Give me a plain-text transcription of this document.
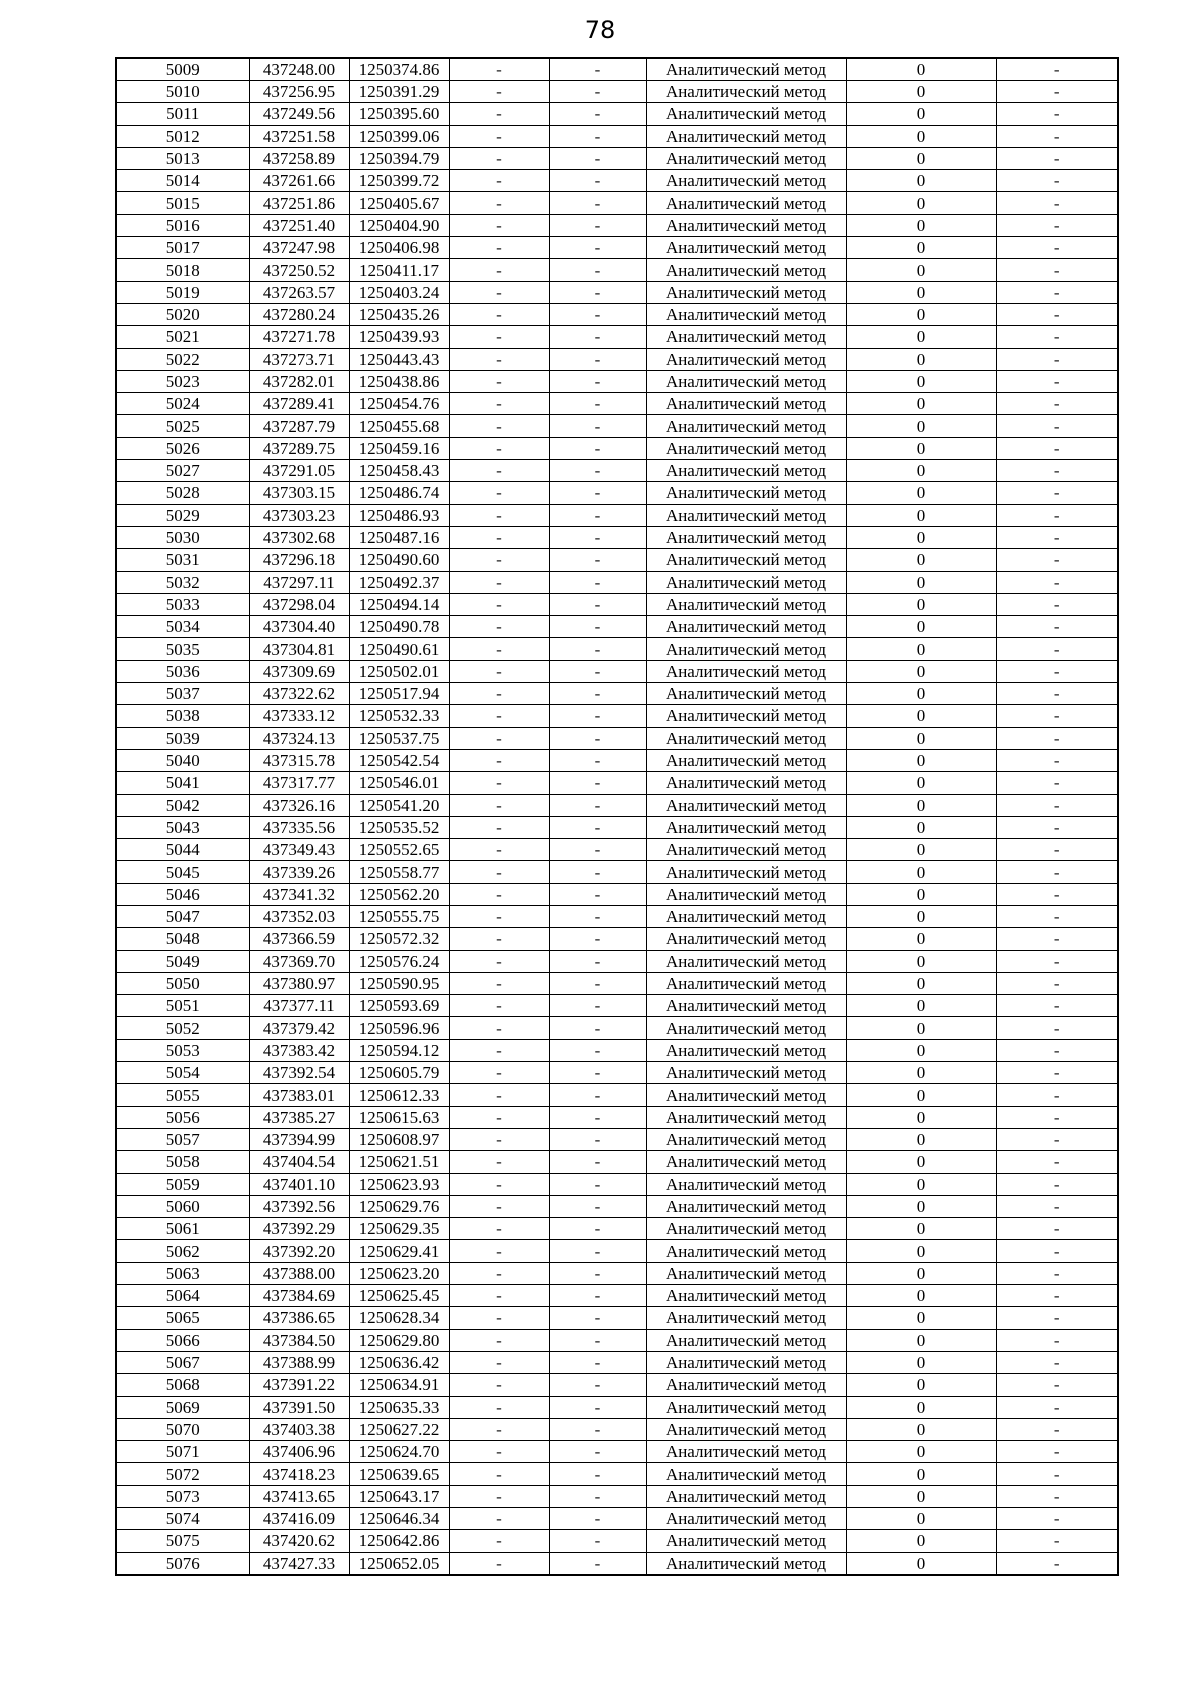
78
5009	437248.00	1250374.86	-	-	Аналитический метод	0	-
5010	437256.95	1250391.29	-	-	Аналитический метод	0	-
5011	437249.56	1250395.60	-	-	Аналитический метод	0	-
5012	437251.58	1250399.06	-	-	Аналитический метод	0	-
5013	437258.89	1250394.79	-	-	Аналитический метод	0	-
5014	437261.66	1250399.72	-	-	Аналитический метод	0	-
5015	437251.86	1250405.67	-	-	Аналитический метод	0	-
5016	437251.40	1250404.90	-	-	Аналитический метод	0	-
5017	437247.98	1250406.98	-	-	Аналитический метод	0	-
5018	437250.52	1250411.17	-	-	Аналитический метод	0	-
5019	437263.57	1250403.24	-	-	Аналитический метод	0	-
5020	437280.24	1250435.26	-	-	Аналитический метод	0	-
5021	437271.78	1250439.93	-	-	Аналитический метод	0	-
5022	437273.71	1250443.43	-	-	Аналитический метод	0	-
5023	437282.01	1250438.86	-	-	Аналитический метод	0	-
5024	437289.41	1250454.76	-	-	Аналитический метод	0	-
5025	437287.79	1250455.68	-	-	Аналитический метод	0	-
5026	437289.75	1250459.16	-	-	Аналитический метод	0	-
5027	437291.05	1250458.43	-	-	Аналитический метод	0	-
5028	437303.15	1250486.74	-	-	Аналитический метод	0	-
5029	437303.23	1250486.93	-	-	Аналитический метод	0	-
5030	437302.68	1250487.16	-	-	Аналитический метод	0	-
5031	437296.18	1250490.60	-	-	Аналитический метод	0	-
5032	437297.11	1250492.37	-	-	Аналитический метод	0	-
5033	437298.04	1250494.14	-	-	Аналитический метод	0	-
5034	437304.40	1250490.78	-	-	Аналитический метод	0	-
5035	437304.81	1250490.61	-	-	Аналитический метод	0	-
5036	437309.69	1250502.01	-	-	Аналитический метод	0	-
5037	437322.62	1250517.94	-	-	Аналитический метод	0	-
5038	437333.12	1250532.33	-	-	Аналитический метод	0	-
5039	437324.13	1250537.75	-	-	Аналитический метод	0	-
5040	437315.78	1250542.54	-	-	Аналитический метод	0	-
5041	437317.77	1250546.01	-	-	Аналитический метод	0	-
5042	437326.16	1250541.20	-	-	Аналитический метод	0	-
5043	437335.56	1250535.52	-	-	Аналитический метод	0	-
5044	437349.43	1250552.65	-	-	Аналитический метод	0	-
5045	437339.26	1250558.77	-	-	Аналитический метод	0	-
5046	437341.32	1250562.20	-	-	Аналитический метод	0	-
5047	437352.03	1250555.75	-	-	Аналитический метод	0	-
5048	437366.59	1250572.32	-	-	Аналитический метод	0	-
5049	437369.70	1250576.24	-	-	Аналитический метод	0	-
5050	437380.97	1250590.95	-	-	Аналитический метод	0	-
5051	437377.11	1250593.69	-	-	Аналитический метод	0	-
5052	437379.42	1250596.96	-	-	Аналитический метод	0	-
5053	437383.42	1250594.12	-	-	Аналитический метод	0	-
5054	437392.54	1250605.79	-	-	Аналитический метод	0	-
5055	437383.01	1250612.33	-	-	Аналитический метод	0	-
5056	437385.27	1250615.63	-	-	Аналитический метод	0	-
5057	437394.99	1250608.97	-	-	Аналитический метод	0	-
5058	437404.54	1250621.51	-	-	Аналитический метод	0	-
5059	437401.10	1250623.93	-	-	Аналитический метод	0	-
5060	437392.56	1250629.76	-	-	Аналитический метод	0	-
5061	437392.29	1250629.35	-	-	Аналитический метод	0	-
5062	437392.20	1250629.41	-	-	Аналитический метод	0	-
5063	437388.00	1250623.20	-	-	Аналитический метод	0	-
5064	437384.69	1250625.45	-	-	Аналитический метод	0	-
5065	437386.65	1250628.34	-	-	Аналитический метод	0	-
5066	437384.50	1250629.80	-	-	Аналитический метод	0	-
5067	437388.99	1250636.42	-	-	Аналитический метод	0	-
5068	437391.22	1250634.91	-	-	Аналитический метод	0	-
5069	437391.50	1250635.33	-	-	Аналитический метод	0	-
5070	437403.38	1250627.22	-	-	Аналитический метод	0	-
5071	437406.96	1250624.70	-	-	Аналитический метод	0	-
5072	437418.23	1250639.65	-	-	Аналитический метод	0	-
5073	437413.65	1250643.17	-	-	Аналитический метод	0	-
5074	437416.09	1250646.34	-	-	Аналитический метод	0	-
5075	437420.62	1250642.86	-	-	Аналитический метод	0	-
5076	437427.33	1250652.05	-	-	Аналитический метод	0	-
